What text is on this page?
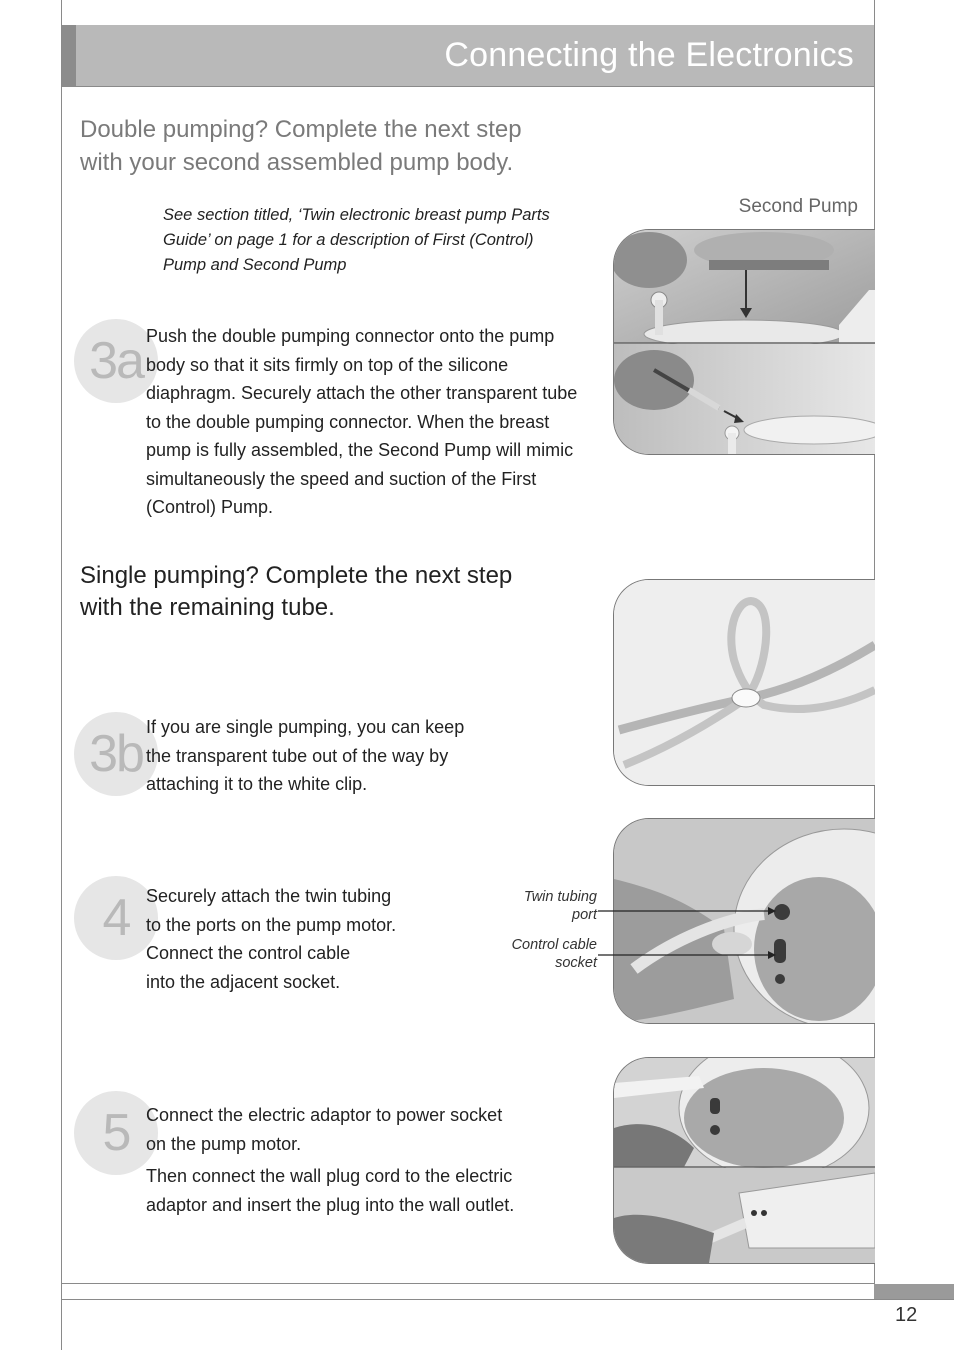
12
Connecting the Electronics
Double pumping? Complete the next step
with your second assembled pump body.
See section titled, ‘Twin electronic breast pump Parts
Guide’ on page 1 for a description of First (Control)
Pump and Second Pump
Second Pump
3a Push the double pumping connector onto the pump
body so that it sits firmly on top of the silicone
diaphragm. Securely attach the other transparent tube
to the double pumping connector. When the breast
pump is fully assembled, the Second Pump will mimic
simultaneously the speed and suction of the First
(Control) Pump.
Single pumping? Complete the next step
with the remaining tube.
3b If you are single pumping, you can keep
the transparent tube out of the way by
attaching it to the white clip.
4 Securely attach the twin tubing
to the ports on the pump motor.
Connect the control cable
into the adjacent socket.
Twin tubing
port
Control cable
socket
5 Connect the electric adaptor to power socket
on the pump motor.
Then connect the wall plug cord to the electric
adaptor and insert the plug into the wall outlet.
